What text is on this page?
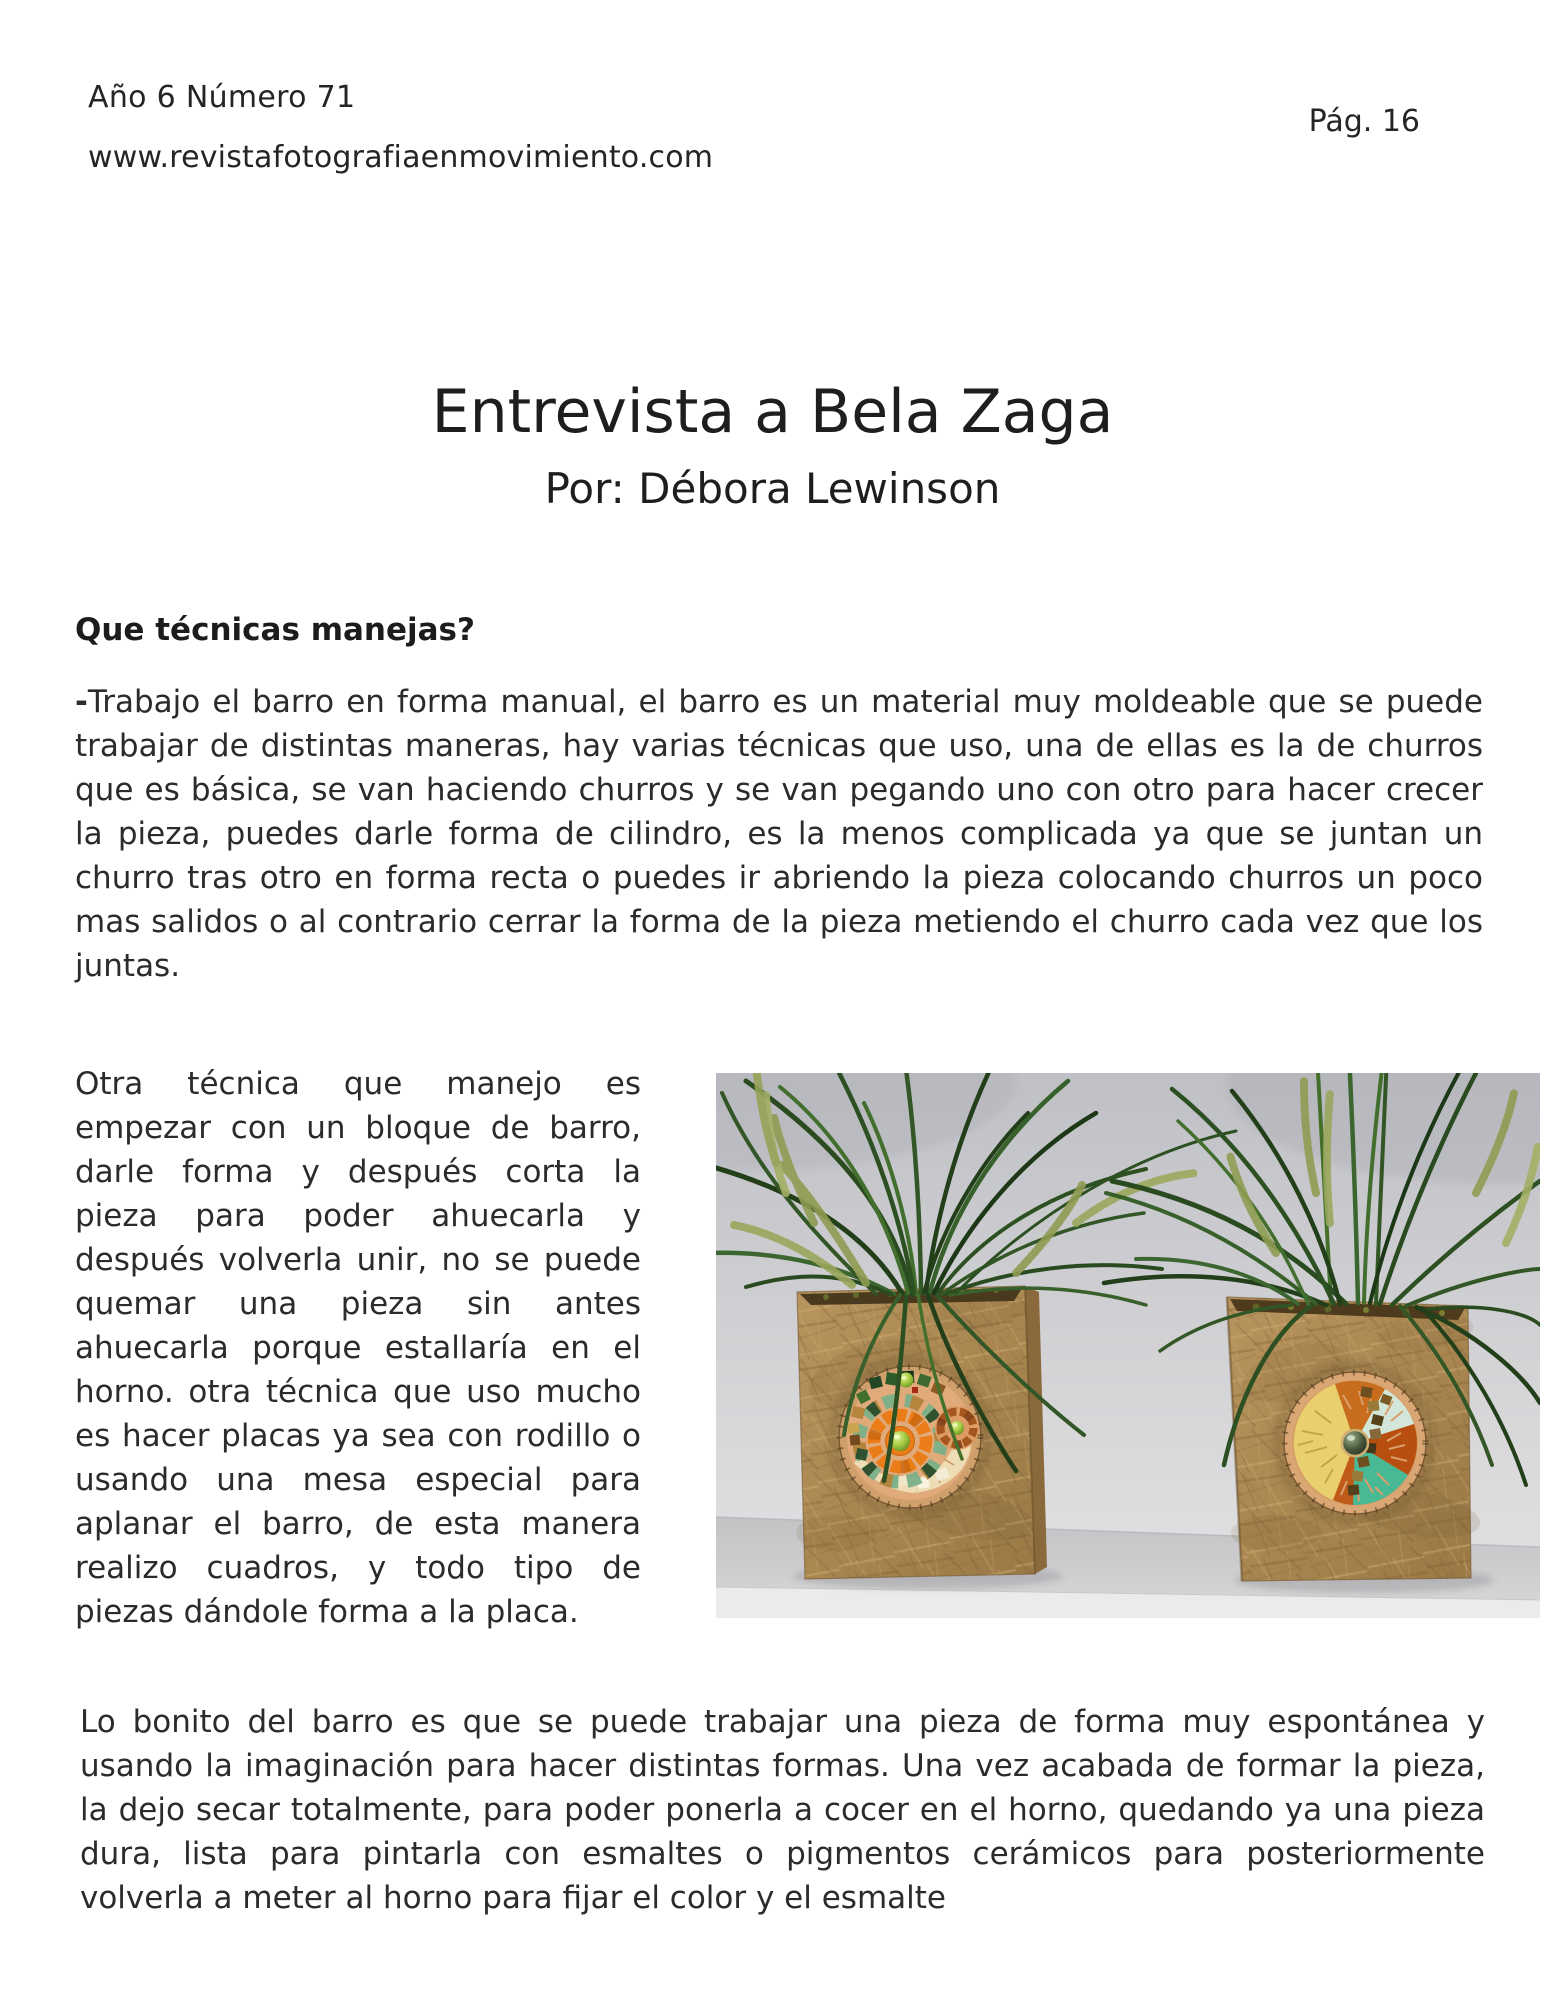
Año 6 Número 71
www.revistafotografiaenmovimiento.com
Pág. 16
Entrevista a Bela Zaga
Por: Débora Lewinson
Que técnicas manejas?

-Trabajo el barro en forma manual, el barro es un material muy moldeable que se puede trabajar de distintas maneras, hay varias técnicas que uso, una de ellas es la de churros que es básica, se van haciendo churros y se van pegando uno con otro para hacer crecer la pieza, puedes darle forma de cilindro, es la menos complicada ya que se juntan un churro tras otro en forma recta o puedes ir abriendo la pieza colocando churros un poco mas salidos o al contrario cerrar la forma de la pieza metiendo el churro cada vez que los juntas.

Otra técnica que manejo es empezar con un bloque de barro, darle forma y después corta la pieza para poder ahuecarla y después volverla unir, no se puede quemar una pieza sin antes ahuecarla porque estallaría en el horno. otra técnica que uso mucho es hacer placas ya sea con rodillo o usando una mesa especial para aplanar el barro, de esta manera realizo cuadros, y todo tipo de piezas dándole forma a la placa.

Lo bonito del barro es que se puede trabajar una pieza de forma muy espontánea y usando la imaginación para hacer distintas formas. Una vez acabada de formar la pieza, la dejo secar totalmente, para poder ponerla a cocer en el horno, quedando ya una pieza dura, lista para pintarla con esmaltes o pigmentos cerámicos para posteriormente volverla a meter al horno para fijar el color y el esmalte
